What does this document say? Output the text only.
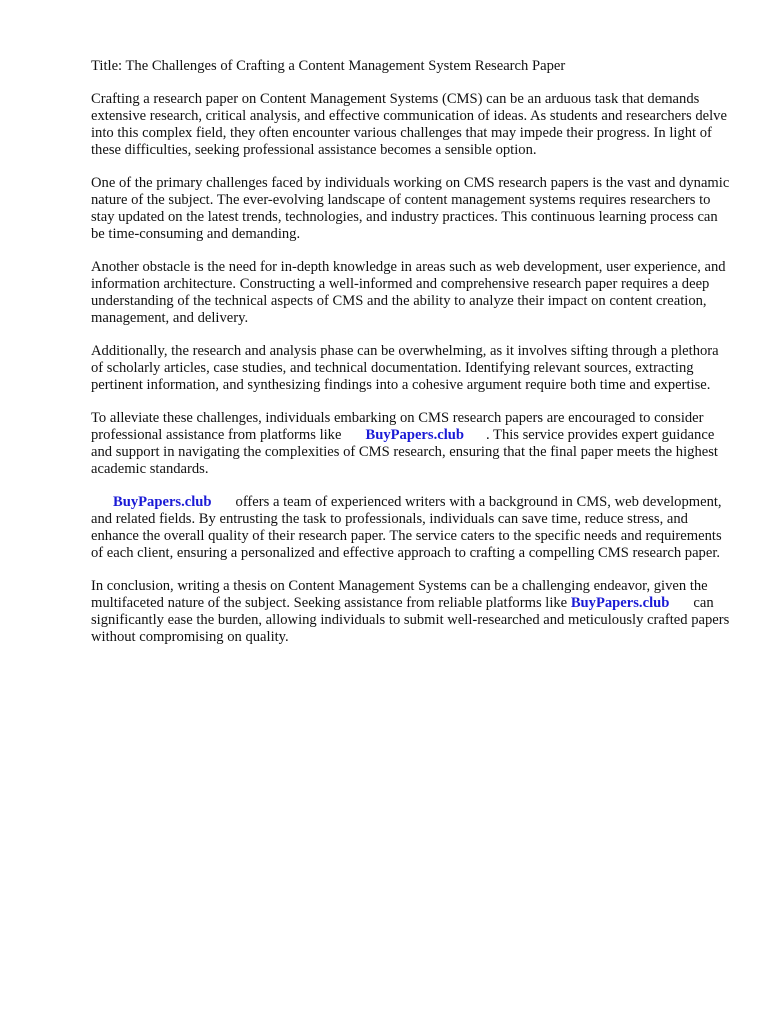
Title: The Challenges of Crafting a Content Management System Research Paper

Crafting a research paper on Content Management Systems (CMS) can be an arduous task that demands extensive research, critical analysis, and effective communication of ideas. As students and researchers delve into this complex field, they often encounter various challenges that may impede their progress. In light of these difficulties, seeking professional assistance becomes a sensible option.

One of the primary challenges faced by individuals working on CMS research papers is the vast and dynamic nature of the subject. The ever-evolving landscape of content management systems requires researchers to stay updated on the latest trends, technologies, and industry practices. This continuous learning process can be time-consuming and demanding.

Another obstacle is the need for in-depth knowledge in areas such as web development, user experience, and information architecture. Constructing a well-informed and comprehensive research paper requires a deep understanding of the technical aspects of CMS and the ability to analyze their impact on content creation, management, and delivery.

Additionally, the research and analysis phase can be overwhelming, as it involves sifting through a plethora of scholarly articles, case studies, and technical documentation. Identifying relevant sources, extracting pertinent information, and synthesizing findings into a cohesive argument require both time and expertise.

To alleviate these challenges, individuals embarking on CMS research papers are encouraged to consider professional assistance from platforms like BuyPapers.club . This service provides expert guidance and support in navigating the complexities of CMS research, ensuring that the final paper meets the highest academic standards.

BuyPapers.club offers a team of experienced writers with a background in CMS, web development, and related fields. By entrusting the task to professionals, individuals can save time, reduce stress, and enhance the overall quality of their research paper. The service caters to the specific needs and requirements of each client, ensuring a personalized and effective approach to crafting a compelling CMS research paper.

In conclusion, writing a thesis on Content Management Systems can be a challenging endeavor, given the multifaceted nature of the subject. Seeking assistance from reliable platforms like BuyPapers.club can significantly ease the burden, allowing individuals to submit well-researched and meticulously crafted papers without compromising on quality.
